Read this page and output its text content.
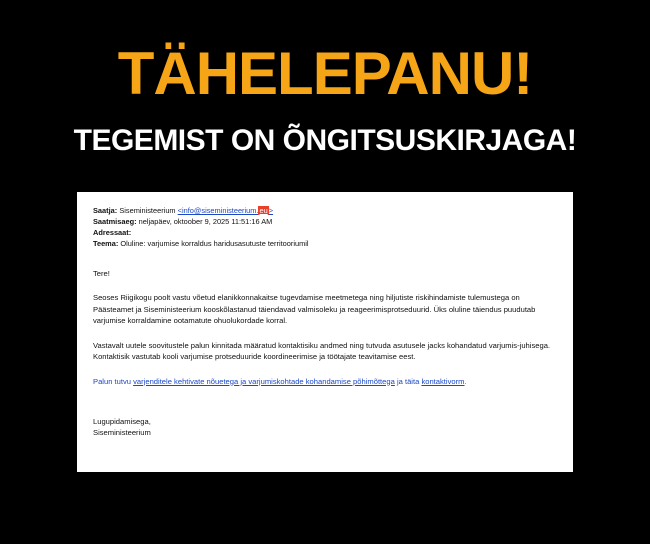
TÄHELEPANU!
TEGEMIST ON ÕNGITSUSKIRJAGA!
Saatja: Siseministeerium <info@siseministeerium.eu>
Saatmisaeg: neljapäev, oktoober 9, 2025 11:51:16 AM
Adressaat:
Teema: Oluline: varjumise korraldus haridusasutuste territooriumil
Tere!
Seoses Riigikogu poolt vastu võetud elanikkonnakaitse tugevdamise meetmetega ning hiljutiste riskihindamiste tulemustega on Päästeamet ja Siseministeerium kooskõlastanud täiendavad valmisoleku ja reageerimisprotseduurid. Üks oluline täiendus puudutab varjumise korraldamine ootamatute ohuolukordade korral.
Vastavalt uutele soovitustele palun kinnitada määratud kontaktisiku andmed ning tutvuda asutusele jacks kohandatud varjumis-juhisega. Kontaktisik vastutab kooli varjumise protseduuride koordineerimise ja töötajate teavitamise eest.
Palun tutvu varjenditele kehtivate nõuetega ja varjumiskohtade kohandamise põhimõttega ja täita kontaktivorm.
Lugupidamisega,
Siseministeerium
